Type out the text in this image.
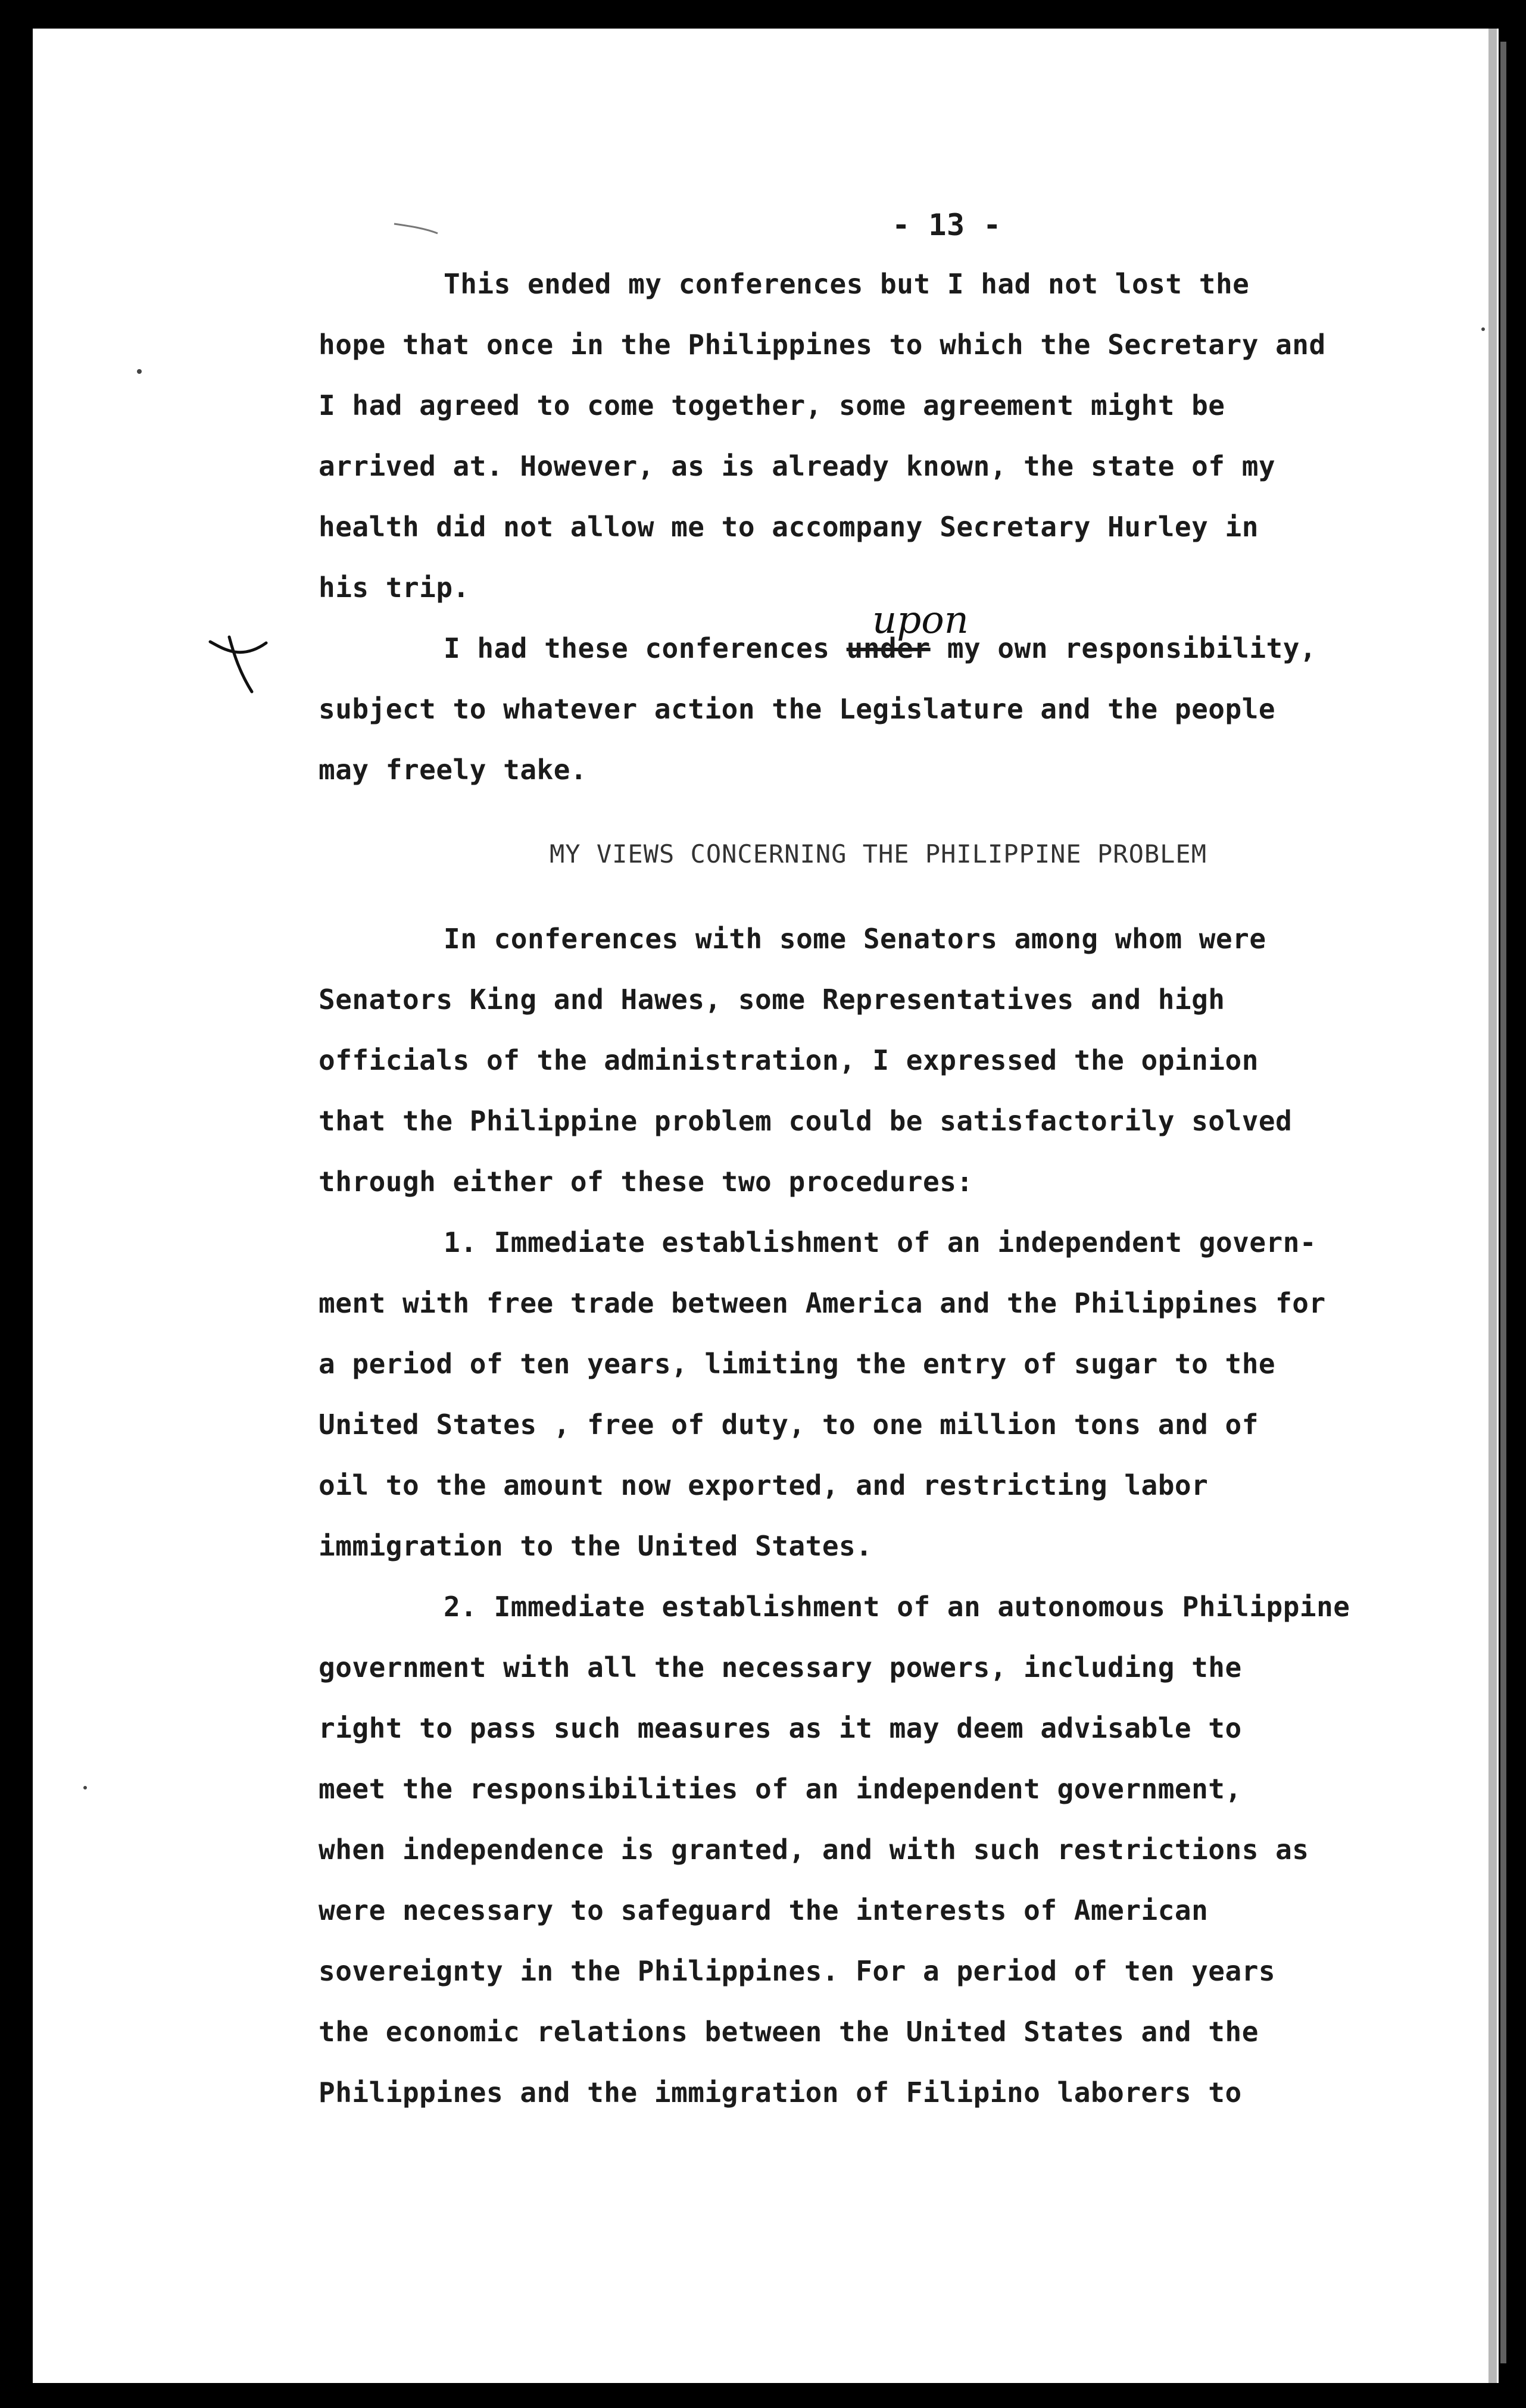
upon
- 13 -

This ended my conferences but I had not lost the

hope that once in the Philippines to which the Secretary and

I had agreed to come together, some agreement might be

arrived at. However, as is already known, the state of my

health did not allow me to accompany Secretary Hurley in

his trip.

I had these conferences under my own responsibility,

subject to whatever action the Legislature and the people

may freely take.

MY VIEWS CONCERNING THE PHILIPPINE PROBLEM

In conferences with some Senators among whom were

Senators King and Hawes, some Representatives and high

officials of the administration, I expressed the opinion

that the Philippine problem could be satisfactorily solved

through either of these two procedures:

1. Immediate establishment of an independent govern-

ment with free trade between America and the Philippines for

a period of ten years, limiting the entry of sugar to the

United States , free of duty, to one million tons and of

oil to the amount now exported, and restricting labor

immigration to the United States.

2. Immediate establishment of an autonomous Philippine

government with all the necessary powers, including the

right to pass such measures as it may deem advisable to

meet the responsibilities of an independent government,

when independence is granted, and with such restrictions as

were necessary to safeguard the interests of American

sovereignty in the Philippines. For a period of ten years

the economic relations between the United States and the

Philippines and the immigration of Filipino laborers to
